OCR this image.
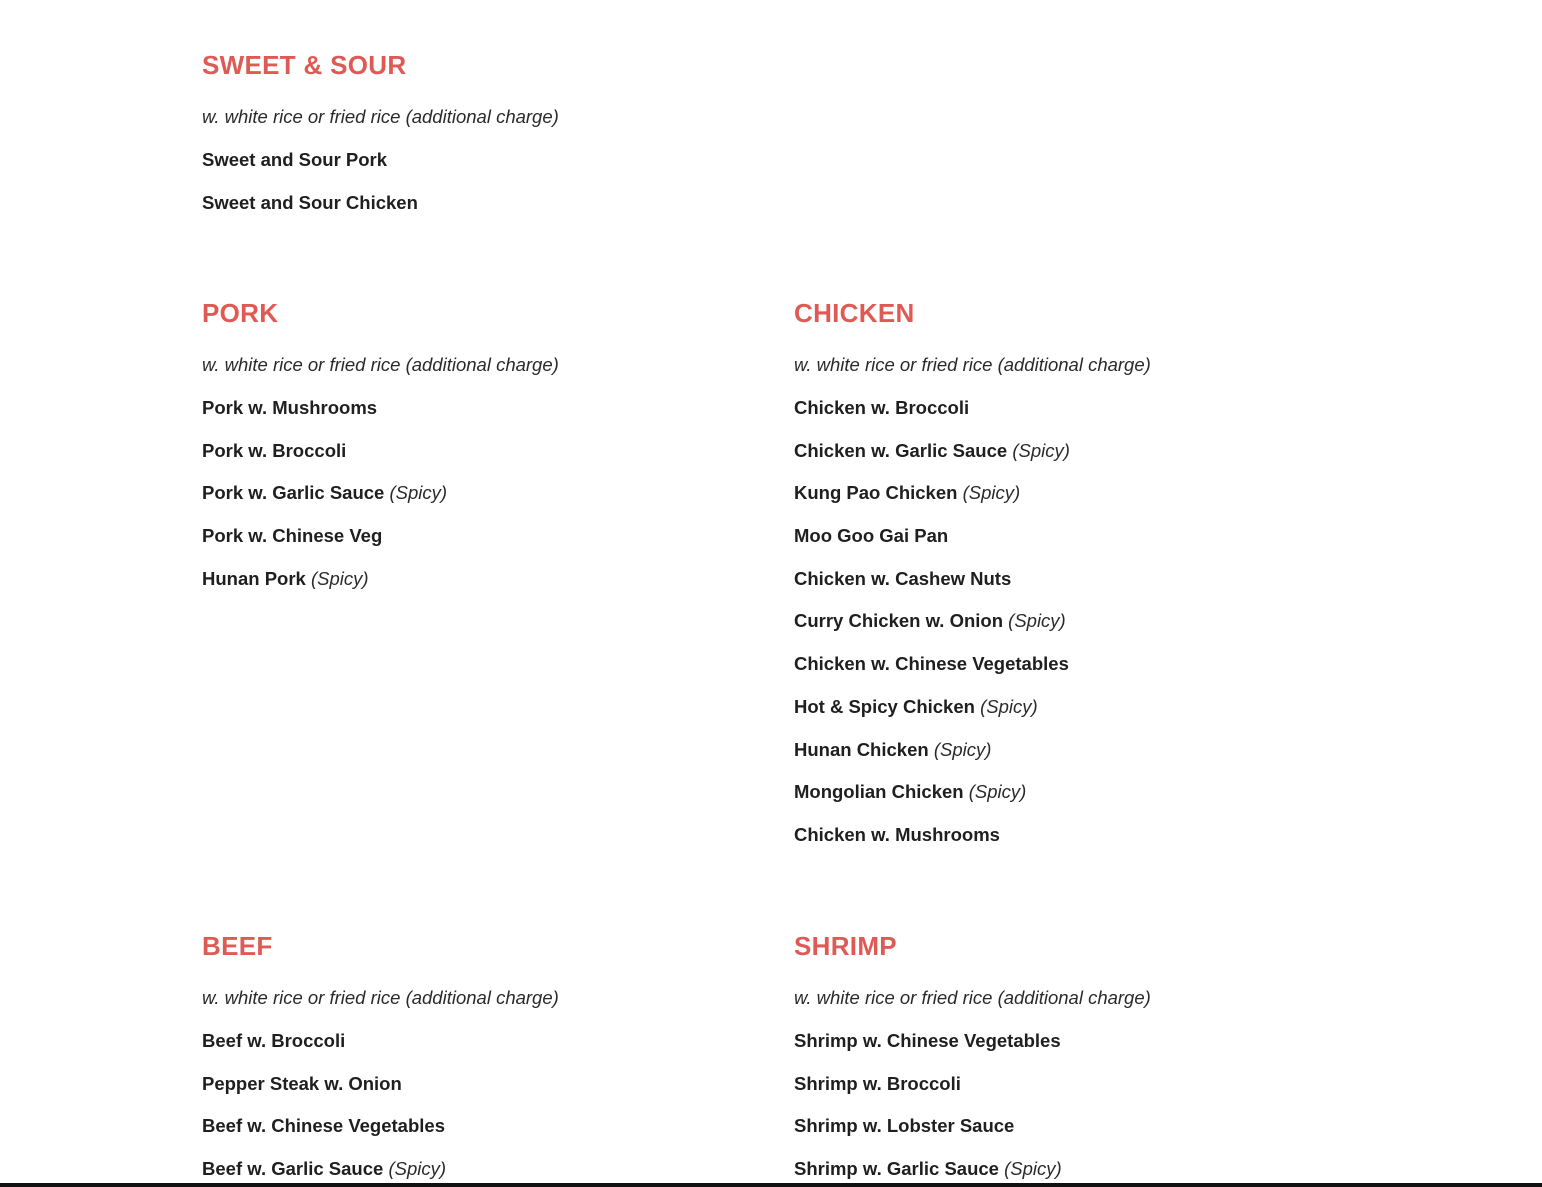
SWEET & SOUR

w. white rice or fried rice (additional charge)

Sweet and Sour Pork
Sweet and Sour Chicken
PORK

w. white rice or fried rice (additional charge)

Pork w. Mushrooms
Pork w. Broccoli
Pork w. Garlic Sauce (Spicy)
Pork w. Chinese Veg
Hunan Pork (Spicy)
CHICKEN

w. white rice or fried rice (additional charge)

Chicken w. Broccoli
Chicken w. Garlic Sauce (Spicy)
Kung Pao Chicken (Spicy)
Moo Goo Gai Pan
Chicken w. Cashew Nuts
Curry Chicken w. Onion (Spicy)
Chicken w. Chinese Vegetables
Hot & Spicy Chicken (Spicy)
Hunan Chicken (Spicy)
Mongolian Chicken (Spicy)
Chicken w. Mushrooms
BEEF

w. white rice or fried rice (additional charge)

Beef w. Broccoli
Pepper Steak w. Onion
Beef w. Chinese Vegetables
Beef w. Garlic Sauce (Spicy)
SHRIMP

w. white rice or fried rice (additional charge)

Shrimp w. Chinese Vegetables
Shrimp w. Broccoli
Shrimp w. Lobster Sauce
Shrimp w. Garlic Sauce (Spicy)
